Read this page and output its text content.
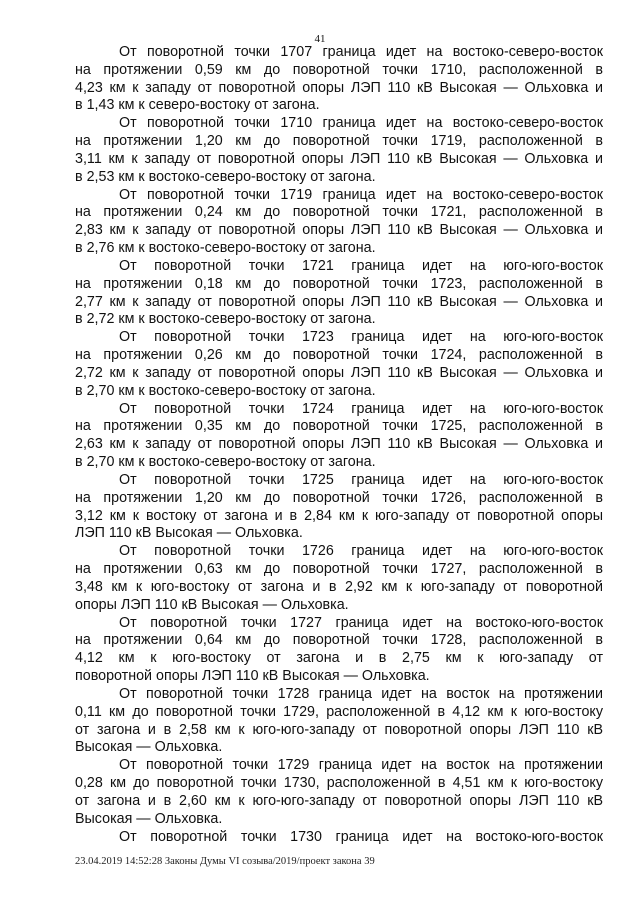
41
От поворотной точки 1707 граница идет на востоко-северо-восток
на протяжении 0,59 км до поворотной точки 1710, расположенной в
4,23 км к западу от поворотной опоры ЛЭП 110 кВ Высокая — Ольховка и
в 1,43 км к северо-востоку от загона.
От поворотной точки 1710 граница идет на востоко-северо-восток
на протяжении 1,20 км до поворотной точки 1719, расположенной в
3,11 км к западу от поворотной опоры ЛЭП 110 кВ Высокая — Ольховка и
в 2,53 км к востоко-северо-востоку от загона.
От поворотной точки 1719 граница идет на востоко-северо-восток
на протяжении 0,24 км до поворотной точки 1721, расположенной в
2,83 км к западу от поворотной опоры ЛЭП 110 кВ Высокая — Ольховка и
в 2,76 км к востоко-северо-востоку от загона.
От поворотной точки 1721 граница идет на юго-юго-восток
на протяжении 0,18 км до поворотной точки 1723, расположенной в
2,77 км к западу от поворотной опоры ЛЭП 110 кВ Высокая — Ольховка и
в 2,72 км к востоко-северо-востоку от загона.
От поворотной точки 1723 граница идет на юго-юго-восток
на протяжении 0,26 км до поворотной точки 1724, расположенной в
2,72 км к западу от поворотной опоры ЛЭП 110 кВ Высокая — Ольховка и
в 2,70 км к востоко-северо-востоку от загона.
От поворотной точки 1724 граница идет на юго-юго-восток
на протяжении 0,35 км до поворотной точки 1725, расположенной в
2,63 км к западу от поворотной опоры ЛЭП 110 кВ Высокая — Ольховка и
в 2,70 км к востоко-северо-востоку от загона.
От поворотной точки 1725 граница идет на юго-юго-восток
на протяжении 1,20 км до поворотной точки 1726, расположенной в
3,12 км к востоку от загона и в 2,84 км к юго-западу от поворотной опоры
ЛЭП 110 кВ Высокая — Ольховка.
От поворотной точки 1726 граница идет на юго-юго-восток
на протяжении 0,63 км до поворотной точки 1727, расположенной в
3,48 км к юго-востоку от загона и в 2,92 км к юго-западу от поворотной
опоры ЛЭП 110 кВ Высокая — Ольховка.
От поворотной точки 1727 граница идет на востоко-юго-восток
на протяжении 0,64 км до поворотной точки 1728, расположенной в
4,12 км к юго-востоку от загона и в 2,75 км к юго-западу от
поворотной опоры ЛЭП 110 кВ Высокая — Ольховка.
От поворотной точки 1728 граница идет на восток на протяжении
0,11 км до поворотной точки 1729, расположенной в 4,12 км к юго-востоку
от загона и в 2,58 км к юго-юго-западу от поворотной опоры ЛЭП 110 кВ
Высокая — Ольховка.
От поворотной точки 1729 граница идет на восток на протяжении
0,28 км до поворотной точки 1730, расположенной в 4,51 км к юго-востоку
от загона и в 2,60 км к юго-юго-западу от поворотной опоры ЛЭП 110 кВ
Высокая — Ольховка.
От поворотной точки 1730 граница идет на востоко-юго-восток
23.04.2019 14:52:28 Законы Думы VI созыва/2019/проект закона 39
